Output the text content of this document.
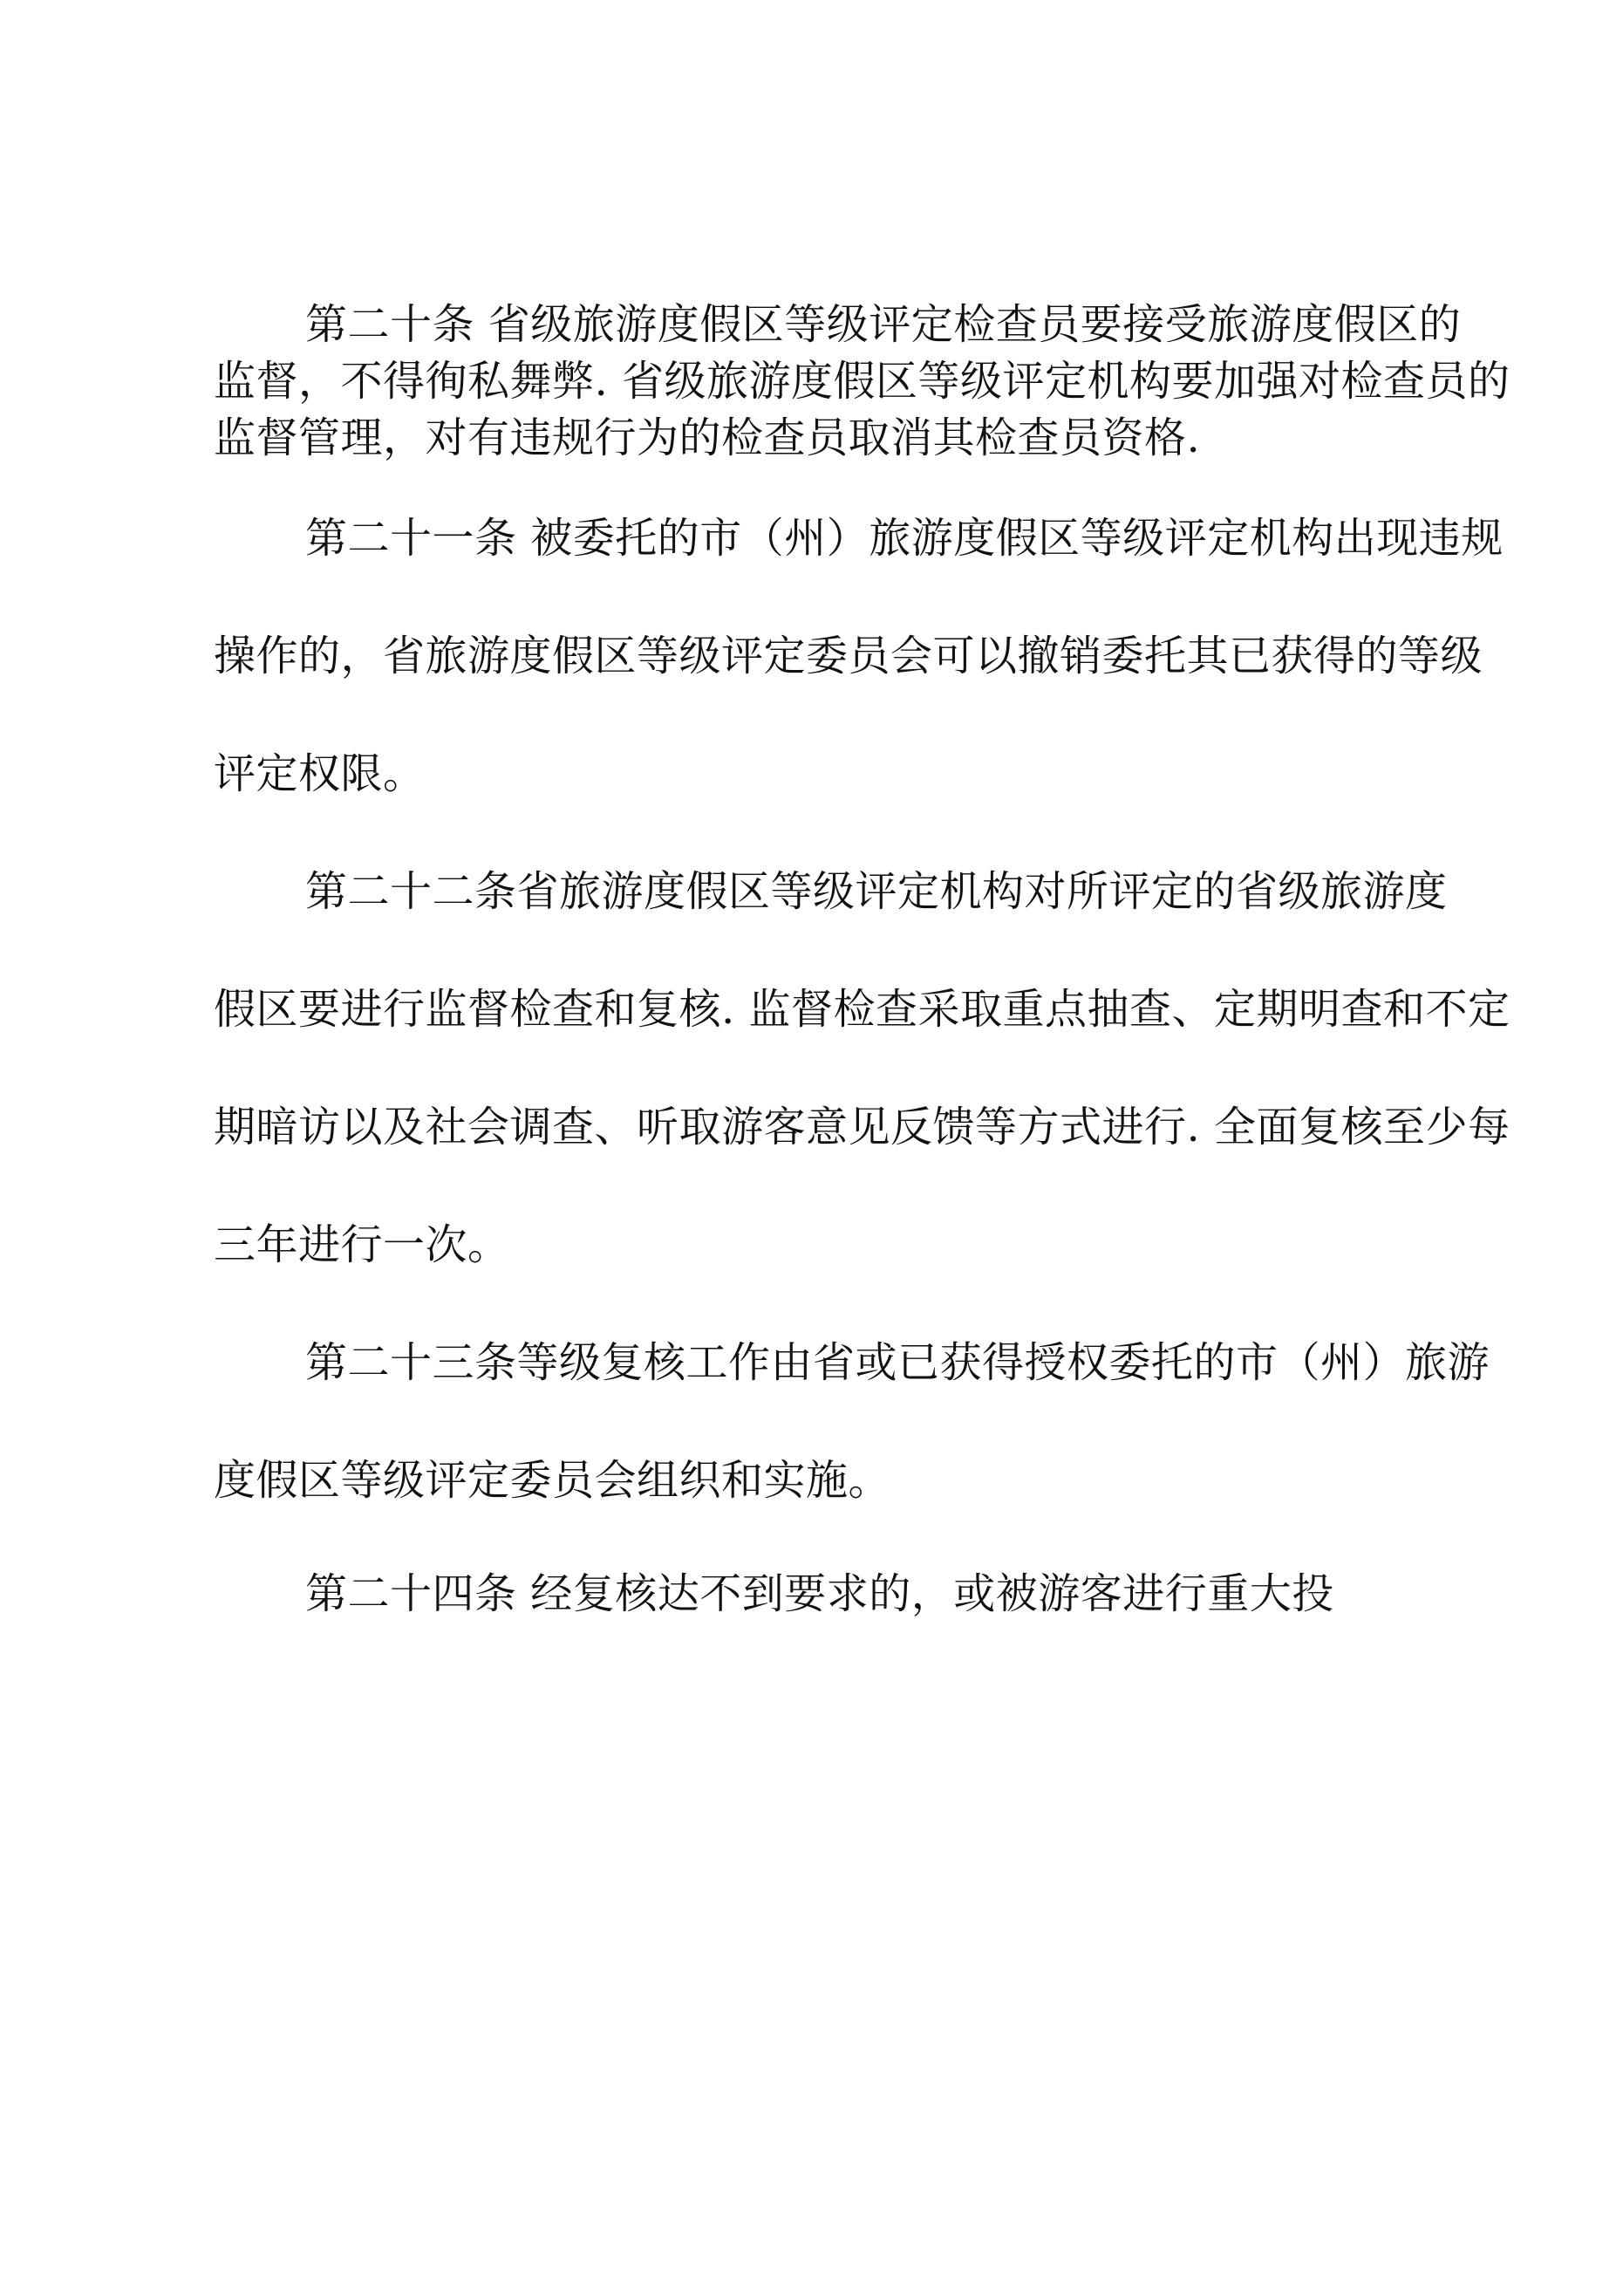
第二十条 省级旅游度假区等级评定检查员要接受旅游度假区的
监督，不得徇私舞弊. 省级旅游度假区等级评定机构要加强对检查员的
监督管理，对有违规行为的检查员取消其检查员资格.
第二十一条 被委托的市（州）旅游度假区等级评定机构出现违规
操作的，省旅游度假区等级评定委员会可以撤销委托其已获得的等级
评定权限。
第二十二条省旅游度假区等级评定机构对所评定的省级旅游度
假区要进行监督检查和复核. 监督检查采取重点抽查、定期明查和不定
期暗访以及社会调查、听取游客意见反馈等方式进行. 全面复核至少每
三年进行一次。
第二十三条等级复核工作由省或已获得授权委托的市（州）旅游
度假区等级评定委员会组织和实施。
第二十四条 经复核达不到要求的，或被游客进行重大投
